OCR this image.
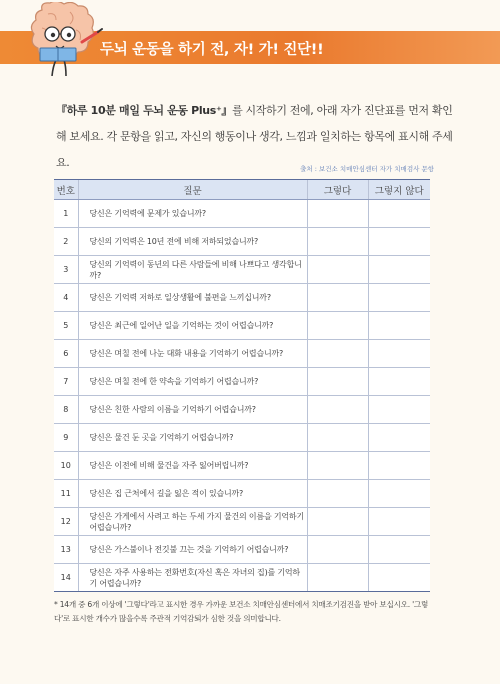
두뇌 운동을 하기 전, 자! 가! 진단!!
『하루 10분 매일 두뇌 운동 Plus⁺』를 시작하기 전에, 아래 자가 진단표를 먼저 확인해 보세요. 각 문항을 읽고, 자신의 행동이나 생각, 느낌과 일치하는 항목에 표시해 주세요.	출처 : 보건소 치매안심센터 자가 치매검사 문항
번호	질문	그렇다	그렇지 않다
1	당신은 기억력에 문제가 있습니까?		
2	당신의 기억력은 10년 전에 비해 저하되었습니까?		
3	당신의 기억력이 동년의 다른 사람들에 비해 나쁘다고 생각합니까?		
4	당신은 기억력 저하로 일상생활에 불편을 느끼십니까?		
5	당신은 최근에 일어난 일을 기억하는 것이 어렵습니까?		
6	당신은 며칠 전에 나눈 대화 내용을 기억하기 어렵습니까?		
7	당신은 며칠 전에 한 약속을 기억하기 어렵습니까?		
8	당신은 친한 사람의 이름을 기억하기 어렵습니까?		
9	당신은 물건 둔 곳을 기억하기 어렵습니까?		
10	당신은 이전에 비해 물건을 자주 잃어버립니까?		
11	당신은 집 근처에서 길을 잃은 적이 있습니까?		
12	당신은 가게에서 사려고 하는 두세 가지 물건의 이름을 기억하기 어렵습니까?		
13	당신은 가스불이나 전깃불 끄는 것을 기억하기 어렵습니까?		
14	당신은 자주 사용하는 전화번호(자신 혹은 자녀의 집)를 기억하기 어렵습니까?		
* 14개 중 6개 이상에 '그렇다'라고 표시한 경우 가까운 보건소 치매안심센터에서 치매조기검진을 받아 보십시오. '그렇다'로 표시한 개수가 많을수록 주관적 기억감퇴가 심한 것을 의미합니다.
